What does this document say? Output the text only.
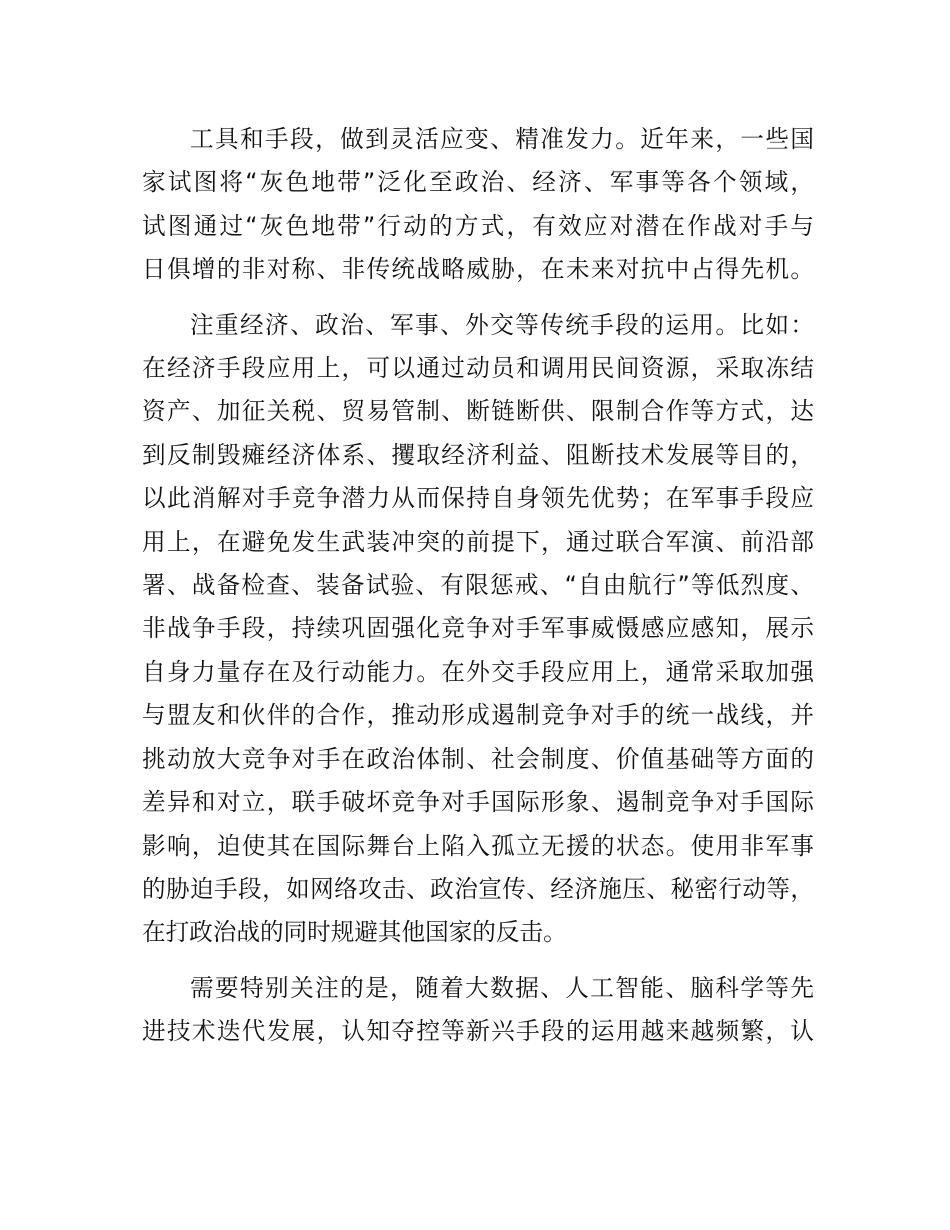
工具和手段，做到灵活应变、精准发力。近年来，一些国
家试图将“灰色地带”泛化至政治、经济、军事等各个领域，
试图通过“灰色地带”行动的方式，有效应对潜在作战对手与
日俱增的非对称、非传统战略威胁，在未来对抗中占得先机。

注重经济、政治、军事、外交等传统手段的运用。比如：
在经济手段应用上，可以通过动员和调用民间资源，采取冻结
资产、加征关税、贸易管制、断链断供、限制合作等方式，达
到反制毁瘫经济体系、攫取经济利益、阻断技术发展等目的，
以此消解对手竞争潜力从而保持自身领先优势；在军事手段应
用上，在避免发生武装冲突的前提下，通过联合军演、前沿部
署、战备检查、装备试验、有限惩戒、“自由航行”等低烈度、
非战争手段，持续巩固强化竞争对手军事威慑感应感知，展示
自身力量存在及行动能力。在外交手段应用上，通常采取加强
与盟友和伙伴的合作，推动形成遏制竞争对手的统一战线，并
挑动放大竞争对手在政治体制、社会制度、价值基础等方面的
差异和对立，联手破坏竞争对手国际形象、遏制竞争对手国际
影响，迫使其在国际舞台上陷入孤立无援的状态。使用非军事
的胁迫手段，如网络攻击、政治宣传、经济施压、秘密行动等，
在打政治战的同时规避其他国家的反击。

需要特别关注的是，随着大数据、人工智能、脑科学等先
进技术迭代发展，认知夺控等新兴手段的运用越来越频繁，认
